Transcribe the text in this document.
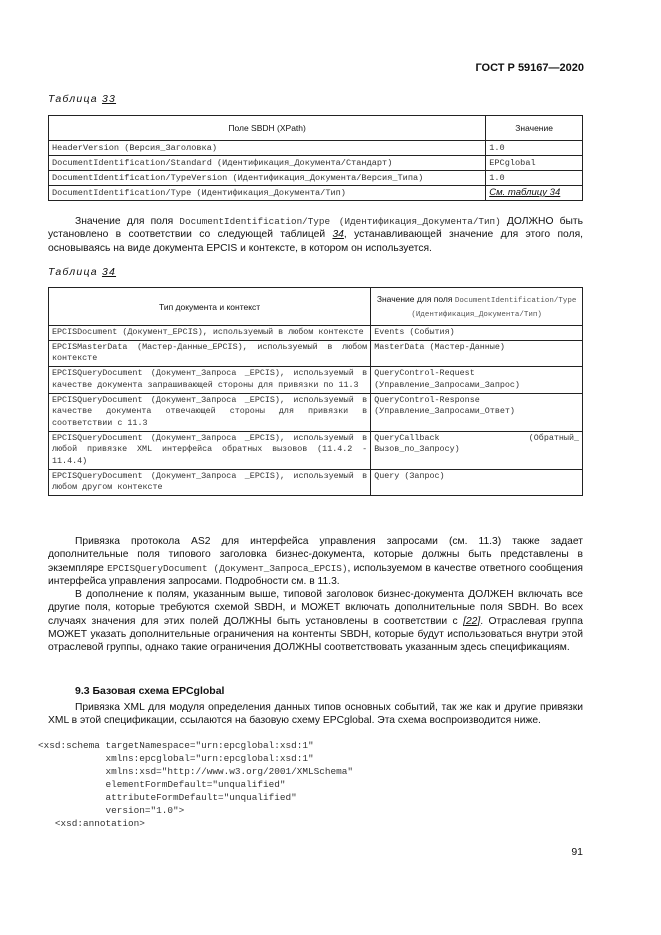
ГОСТ Р 59167—2020
Таблица 33
Поле SBDH (XPath)	Значение
HeaderVersion (Версия_Заголовка)	1.0
DocumentIdentification/Standard (Идентификация_Документа/Стандарт)	EPCglobal
DocumentIdentification/TypeVersion (Идентификация_Документа/Версия_Типа)	1.0
DocumentIdentification/Type (Идентификация_Документа/Тип)	См. таблицу 34
Значение для поля DocumentIdentification/Type (Идентификация_Документа/Тип) ДОЛЖНО быть установлено в соответствии со следующей таблицей 34, устанавливающей значение для этого поля, основываясь на виде документа EPCIS и контексте, в котором он используется.
Таблица 34
Тип документа и контекст	Значение для поля DocumentIdentification/Type (Идентификация_Документа/Тип)
EPCISDocument (Документ_EPCIS), используемый в любом контексте	Events (События)
EPCISMasterData (Мастер-Данные_EPCIS), используемый в любом контексте	MasterData (Мастер-Данные)
EPCISQueryDocument (Документ_Запроса _EPCIS), используемый в качестве документа запрашивающей стороны для привязки по 11.3	QueryControl-Request (Управление_Запросами_Запрос)
EPCISQueryDocument (Документ_Запроса _EPCIS), используемый в качестве документа отвечающей стороны для привязки в соответствии с 11.3	QueryControl-Response (Управление_Запросами_Ответ)
EPCISQueryDocument (Документ_Запроса _EPCIS), используемый в любой привязке XML интерфейса обратных вызовов (11.4.2 - 11.4.4)	QueryCallback (Обратный_ Вызов_по_Запросу)
EPCISQueryDocument (Документ_Запроса _EPCIS), используемый в любом другом контексте	Query (Запрос)
Привязка протокола AS2 для интерфейса управления запросами (см. 11.3) также задает дополнительные поля типового заголовка бизнес-документа, которые должны быть представлены в экземпляре EPCISQueryDocument (Документ_Запроса_EPCIS), используемом в качестве ответного сообщения интерфейса управления запросами. Подробности см. в 11.3.
В дополнение к полям, указанным выше, типовой заголовок бизнес-документа ДОЛЖЕН включать все другие поля, которые требуются схемой SBDH, и МОЖЕТ включать дополнительные поля SBDH. Во всех случаях значения для этих полей ДОЛЖНЫ быть установлены в соответствии с [22]. Отраслевая группа МОЖЕТ указать дополнительные ограничения на контенты SBDH, которые будут использоваться внутри этой отраслевой группы, однако такие ограничения ДОЛЖНЫ соответствовать указанным здесь спецификациям.
9.3 Базовая схема EPCglobal
Привязка XML для модуля определения данных типов основных событий, так же как и другие привязки XML в этой спецификации, ссылаются на базовую схему EPCglobal. Эта схема воспроизводится ниже.
<xsd:schema targetNamespace="urn:epcglobal:xsd:1"
xmlns:epcglobal="urn:epcglobal:xsd:1"
xmlns:xsd="http://www.w3.org/2001/XMLSchema"
elementFormDefault="unqualified"
attributeFormDefault="unqualified"
version="1.0">
<xsd:annotation>
91
